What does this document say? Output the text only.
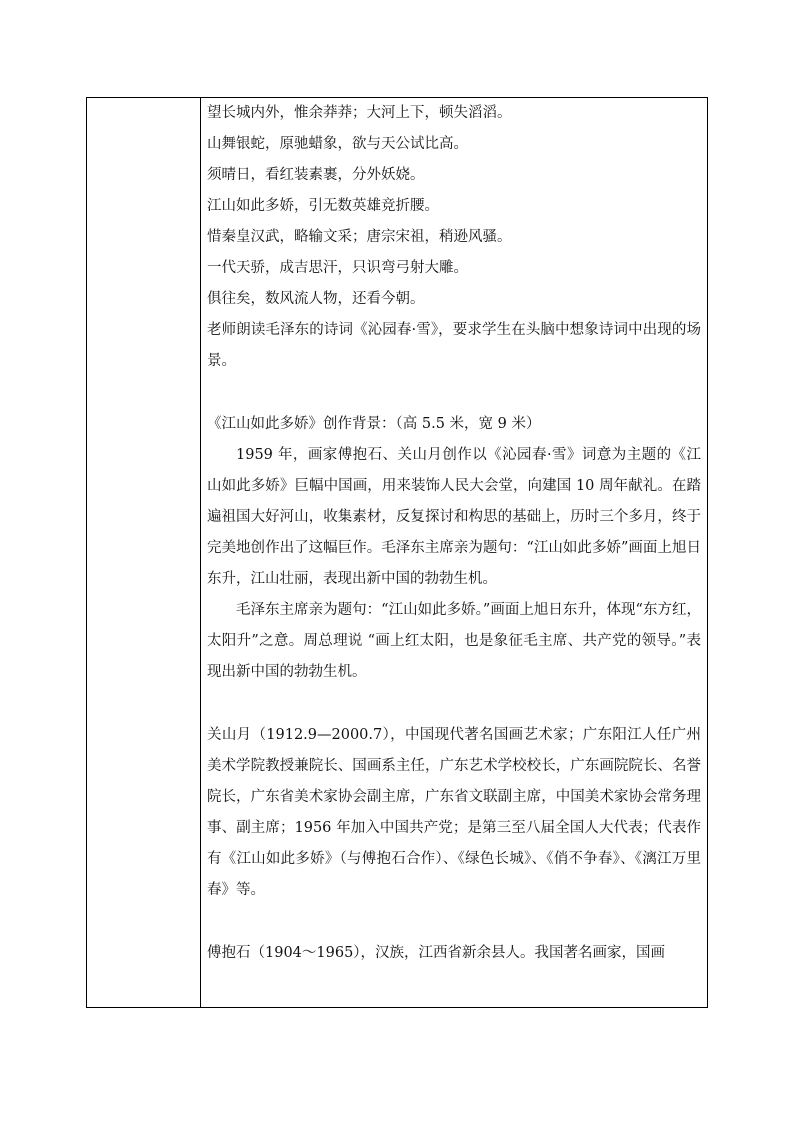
望长城内外，惟余莽莽；大河上下，顿失滔滔。
山舞银蛇，原驰蜡象，欲与天公试比高。
须晴日，看红装素裹，分外妖娆。
江山如此多娇，引无数英雄竞折腰。
惜秦皇汉武，略输文采；唐宗宋祖，稍逊风骚。
一代天骄，成吉思汗，只识弯弓射大雕。
俱往矣，数风流人物，还看今朝。
老师朗读毛泽东的诗词《沁园春·雪》，要求学生在头脑中想象诗词中出现的场景。
《江山如此多娇》创作背景：（高 5.5 米，宽 9 米）
1959 年，画家傅抱石、关山月创作以《沁园春·雪》词意为主题的《江山如此多娇》巨幅中国画，用来装饰人民大会堂，向建国 10 周年献礼。在踏遍祖国大好河山，收集素材，反复探讨和构思的基础上，历时三个多月，终于完美地创作出了这幅巨作。毛泽东主席亲为题句：“江山如此多娇”画面上旭日东升，江山壮丽，表现出新中国的勃勃生机。
毛泽东主席亲为题句：“江山如此多娇。”画面上旭日东升，体现“东方红，太阳升”之意。周总理说 “画上红太阳，也是象征毛主席、共产党的领导。”表现出新中国的勃勃生机。
关山月（1912.9—2000.7），中国现代著名国画艺术家；广东阳江人任广州美术学院教授兼院长、国画系主任，广东艺术学校校长，广东画院院长、名誉院长，广东省美术家协会副主席，广东省文联副主席，中国美术家协会常务理事、副主席；1956 年加入中国共产党；是第三至八届全国人大代表；代表作有《江山如此多娇》（与傅抱石合作）、《绿色长城》、《俏不争春》、《漓江万里春》等。
傅抱石（1904～1965），汉族，江西省新余县人。我国著名画家，国画
